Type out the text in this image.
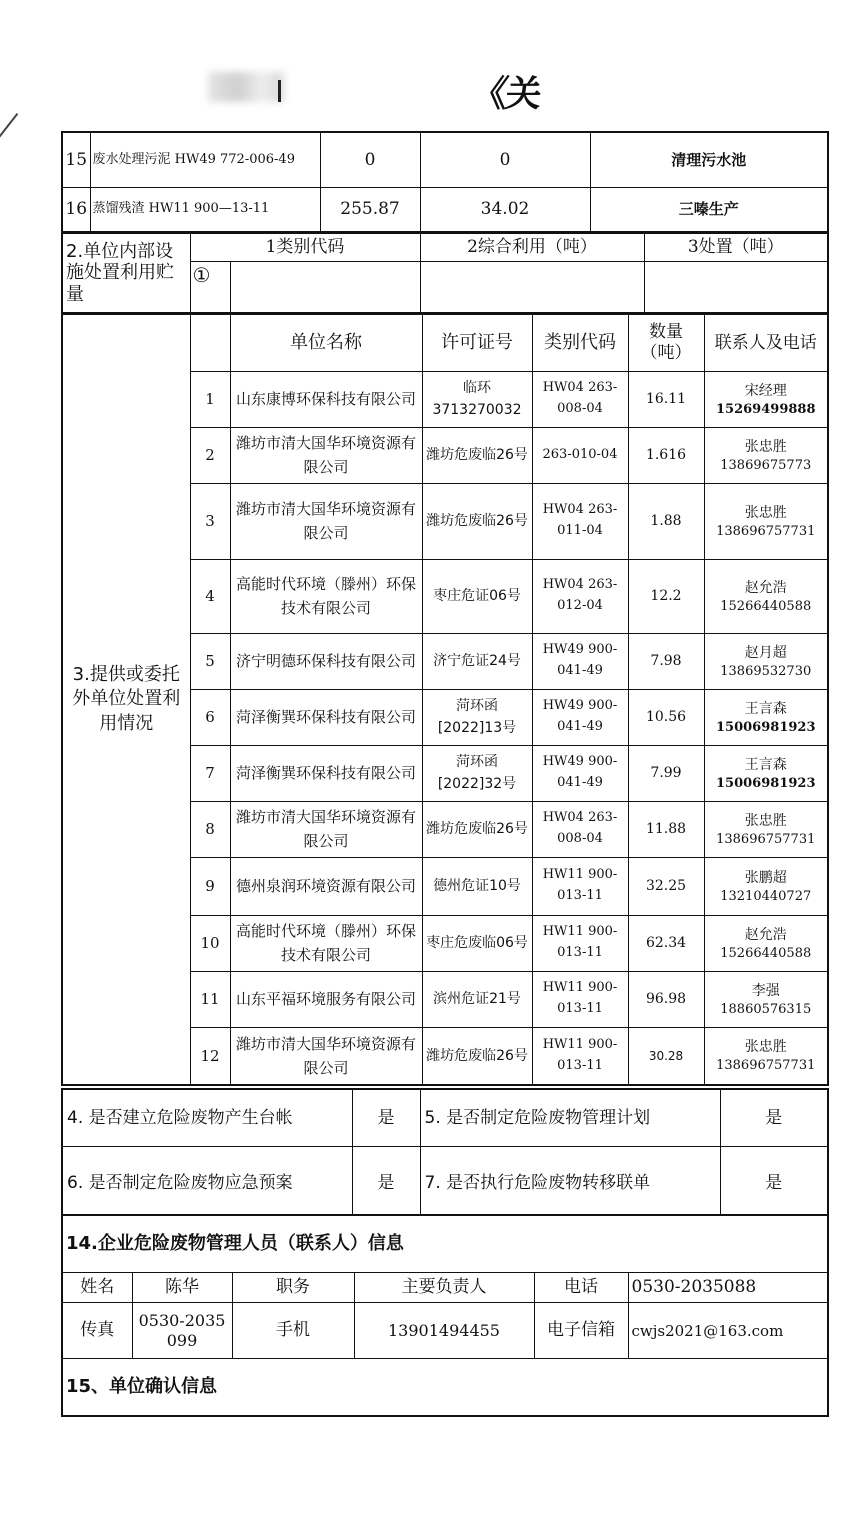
《关
15	废水处理污泥 HW49 772-006-49	0	0	清理污水池
16	蒸馏残渣 HW11 900—13-11	255.87	34.02	三嗪生产
2.单位内部设施处置利用贮量	1类别代码		2综合利用（吨）	3处置（吨）
	①			
3.提供或委托外单位处置利用情况		单位名称	许可证号	类别代码	数量（吨）	联系人及电话
	1	山东康博环保科技有限公司	临环 3713270032	HW04 263-008-04	16.11	宋经理
15269499888

	2	潍坊市清大国华环境资源有限公司	潍坊危废临26号	263-010-04	1.616	张忠胜
13869675773

	3	潍坊市清大国华环境资源有限公司	潍坊危废临26号	HW04 263-011-04	1.88	张忠胜
138696757731

	4	高能时代环境（滕州）环保技术有限公司	枣庄危证06号	HW04 263-012-04	12.2	赵允浩
15266440588

	5	济宁明德环保科技有限公司	济宁危证24号	HW49 900-041-49	7.98	赵月超
13869532730

	6	菏泽衡巽环保科技有限公司	菏环函[2022]13号	HW49 900-041-49	10.56	王言森
15006981923

	7	菏泽衡巽环保科技有限公司	菏环函[2022]32号	HW49 900-041-49	7.99	王言森
15006981923

	8	潍坊市清大国华环境资源有限公司	潍坊危废临26号	HW04 263-008-04	11.88	张忠胜
138696757731

	9	德州泉润环境资源有限公司	德州危证10号	HW11 900-013-11	32.25	张鹏超
13210440727

	10	高能时代环境（滕州）环保技术有限公司	枣庄危废临06号	HW11 900-013-11	62.34	赵允浩
15266440588

	11	山东平福环境服务有限公司	滨州危证21号	HW11 900-013-11	96.98	李强
18860576315

	12	潍坊市清大国华环境资源有限公司	潍坊危废临26号	HW11 900-013-11	30.28	张忠胜
138696757731
4. 是否建立危险废物产生台帐	是	5. 是否制定危险废物管理计划	是
6. 是否制定危险废物应急预案	是	7. 是否执行危险废物转移联单	是
14.企业危险废物管理人员（联系人）信息					
姓名	陈华	职务	主要负责人	电话	0530-2035088
传真	0530-2035099	手机	13901494455	电子信箱	cwjs2021@163.com
15、单位确认信息					
